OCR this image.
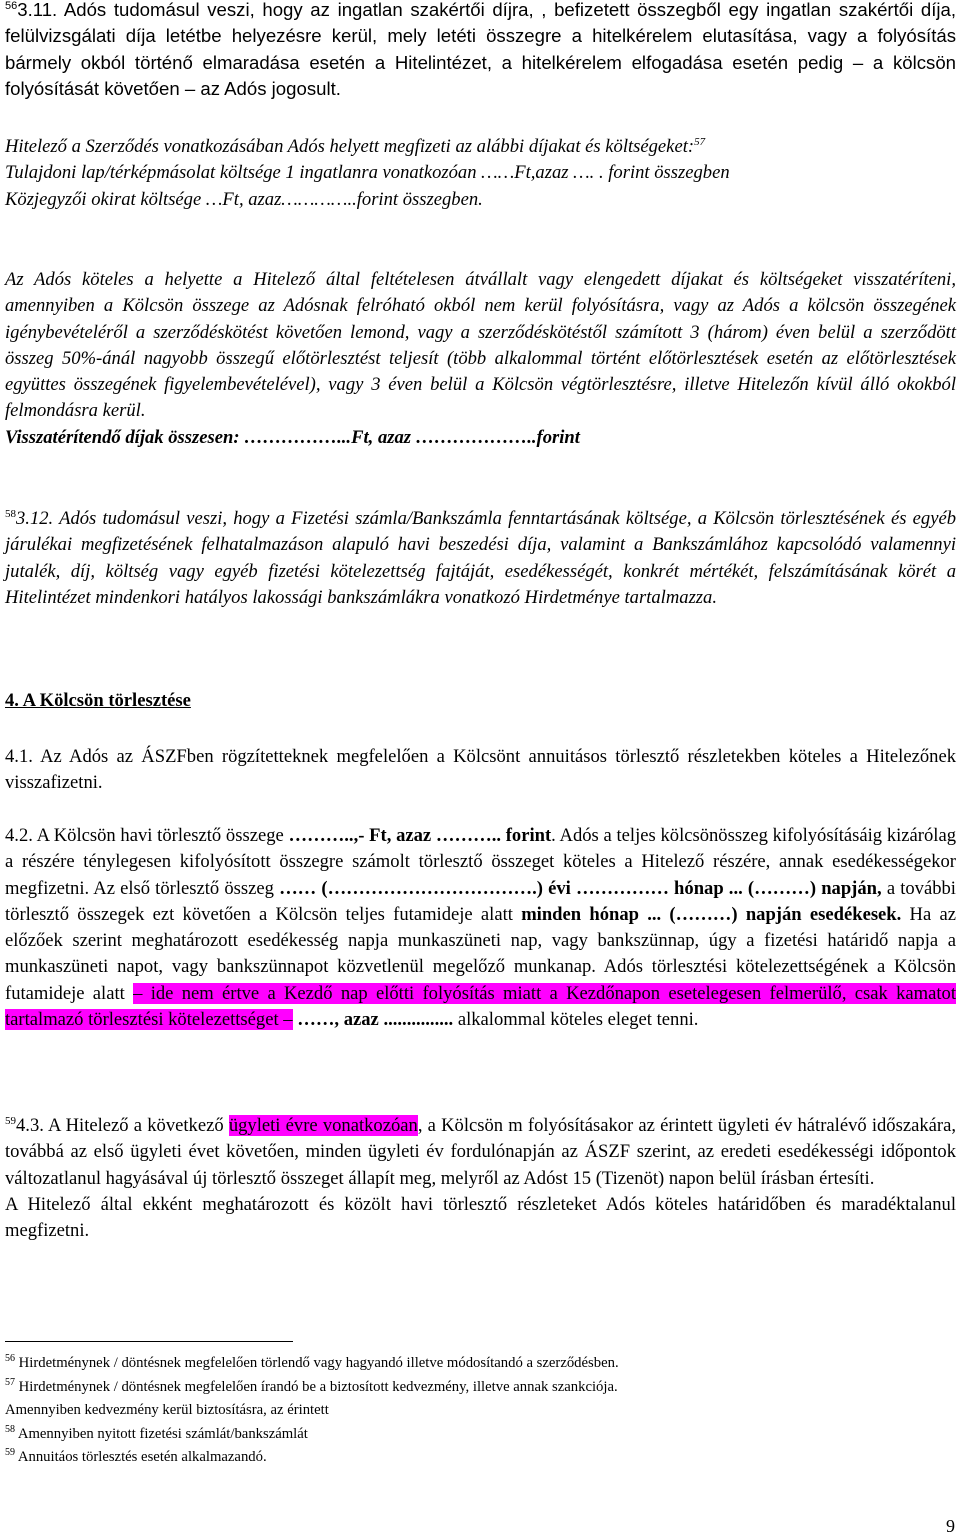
$^{56}$3.11. Adós tudomásul veszi, hogy az ingatlan szakértői díjra, , befizetett összegből egy ingatlan szakértői díja, felülvizsgálati díja letétbe helyezésre kerül, mely letéti összegre a hitelkérelem elutasítása, vagy a folyósítás bármely okból történő elmaradása esetén a Hitelintézet, a hitelkérelem elfogadása esetén pedig – a kölcsön folyósítását követően – az Adós jogosult.

Hitelező a Szerződés vonatkozásában Adós helyett megfizeti az alábbi díjakat és költségeket:$^{57}$

Tulajdoni lap/térképmásolat költsége 1 ingatlanra vonatkozóan ……Ft,azaz …. . forint összegben

Közjegyzői okirat költsége …Ft, azaz…………..forint összegben.

Az Adós köteles a helyette a Hitelező által feltételesen átvállalt vagy elengedett díjakat és költségeket visszatéríteni, amennyiben a Kölcsön összege az Adósnak felróható okból nem kerül folyósításra, vagy az Adós a kölcsön összegének igénybevételéről a szerződéskötést követően lemond, vagy a szerződéskötéstől számított 3 (három) éven belül a szerződött összeg 50%-ánál nagyobb összegű előtörlesztést teljesít (több alkalommal történt előtörlesztések esetén az előtörlesztések együttes összegének figyelembevételével), vagy 3 éven belül a Kölcsön végtörlesztésre, illetve Hitelezőn kívül álló okokból felmondásra kerül.

Visszatérítendő díjak összesen: ……………...Ft, azaz ………………..forint

$^{58}$3.12. Adós tudomásul veszi, hogy a Fizetési számla/Bankszámla fenntartásának költsége, a Kölcsön törlesztésének és egyéb járulékai megfizetésének felhatalmazáson alapuló havi beszedési díja, valamint a Bankszámlához kapcsolódó valamennyi jutalék, díj, költség vagy egyéb fizetési kötelezettség fajtáját, esedékességét, konkrét mértékét, felszámításának körét a Hitelintézet mindenkori hatályos lakossági bankszámlákra vonatkozó Hirdetménye tartalmazza.

4. A Kölcsön törlesztése

4.1. Az Adós az ÁSZFben rögzítetteknek megfelelően a Kölcsönt annuitásos törlesztő részletekben köteles a Hitelezőnek visszafizetni.

4.2. A Kölcsön havi törlesztő összege ………..,- Ft, azaz ……….. forint. Adós a teljes kölcsönösszeg kifolyósításáig kizárólag a részére ténylegesen kifolyósított összegre számolt törlesztő összeget köteles a Hitelező részére, annak esedékességekor megfizetni. Az első törlesztő összeg …… (…………………………….) évi …………… hónap ... (………) napján, a további törlesztő összegek ezt követően a Kölcsön teljes futamideje alatt minden hónap ... (………) napján esedékesek. Ha az előzőek szerint meghatározott esedékesség napja munkaszüneti nap, vagy bankszünnap, úgy a fizetési határidő napja a munkaszüneti napot, vagy bankszünnapot közvetlenül megelőző munkanap. Adós törlesztési kötelezettségének a Kölcsön futamideje alatt – ide nem értve a Kezdő nap előtti folyósítás miatt a Kezdőnapon esetelegesen felmerülő, csak kamatot tartalmazó törlesztési kötelezettséget – ……, azaz ............... alkalommal köteles eleget tenni.

$^{59}$4.3. A Hitelező a következő ügyleti évre vonatkozóan, a Kölcsön m folyósításakor az érintett ügyleti év hátralévő időszakára, továbbá az első ügyleti évet követően, minden ügyleti év fordulónapján az ÁSZF szerint, az eredeti esedékességi időpontok változatlanul hagyásával új törlesztő összeget állapít meg, melyről az Adóst 15 (Tizenöt) napon belül írásban értesíti.

A Hitelező által ekként meghatározott és közölt havi törlesztő részleteket Adós köteles határidőben és maradéktalanul megfizetni.

$^{56}$ Hirdetménynek / döntésnek megfelelően törlendő vagy hagyandó illetve módosítandó a szerződésben.

$^{57}$ Hirdetménynek / döntésnek megfelelően írandó be a biztosított kedvezmény, illetve annak szankciója.

Amennyiben kedvezmény kerül biztosításra, az érintett

$^{58}$ Amennyiben nyitott fizetési számlát/bankszámlát

$^{59}$ Annuitáos törlesztés esetén alkalmazandó.

9
